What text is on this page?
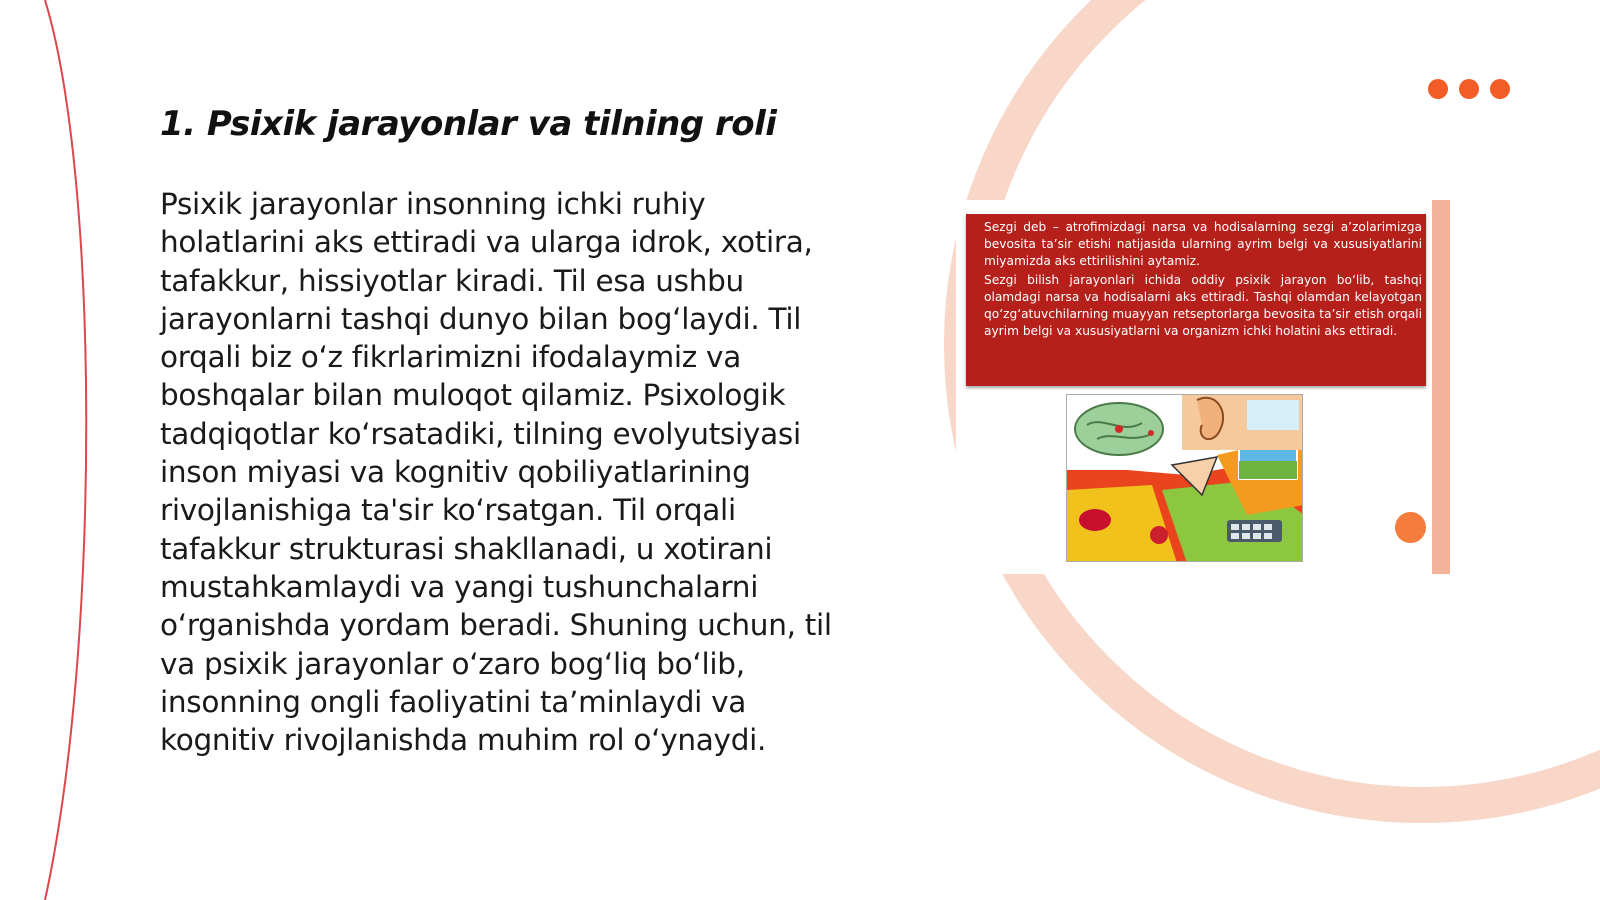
1. Psixik jarayonlar va tilning roli

Psixik jarayonlar insonning ichki ruhiy holatlarini aks ettiradi va ularga idrok, xotira, tafakkur, hissiyotlar kiradi. Til esa ushbu jarayonlarni tashqi dunyo bilan bog‘laydi. Til orqali biz o‘z fikrlarimizni ifodalaymiz va boshqalar bilan muloqot qilamiz. Psixologik tadqiqotlar ko‘rsatadiki, tilning evolyutsiyasi inson miyasi va kognitiv qobiliyatlarining rivojlanishiga ta'sir ko‘rsatgan. Til orqali tafakkur strukturasi shakllanadi, u xotirani mustahkamlaydi va yangi tushunchalarni o‘rganishda yordam beradi. Shuning uchun, til va psixik jarayonlar o‘zaro bog‘liq bo‘lib, insonning ongli faoliyatini ta’minlaydi va kognitiv rivojlanishda muhim rol o‘ynaydi.

Sezgi deb – atrofimizdagi narsa va hodisalarning sezgi a’zolarimizga bevosita ta’sir etishi natijasida ularning ayrim belgi va xususiyatlarini miyamizda aks ettirilishini aytamiz.

Sezgi bilish jarayonlari ichida oddiy psixik jarayon bo‘lib, tashqi olamdagi narsa va hodisalarni aks ettiradi. Tashqi olamdan kelayotgan qo‘zg‘atuvchilarning muayyan retseptorlarga bevosita ta’sir etish orqali ayrim belgi va xususiyatlarni va organizm ichki holatini aks ettiradi.
